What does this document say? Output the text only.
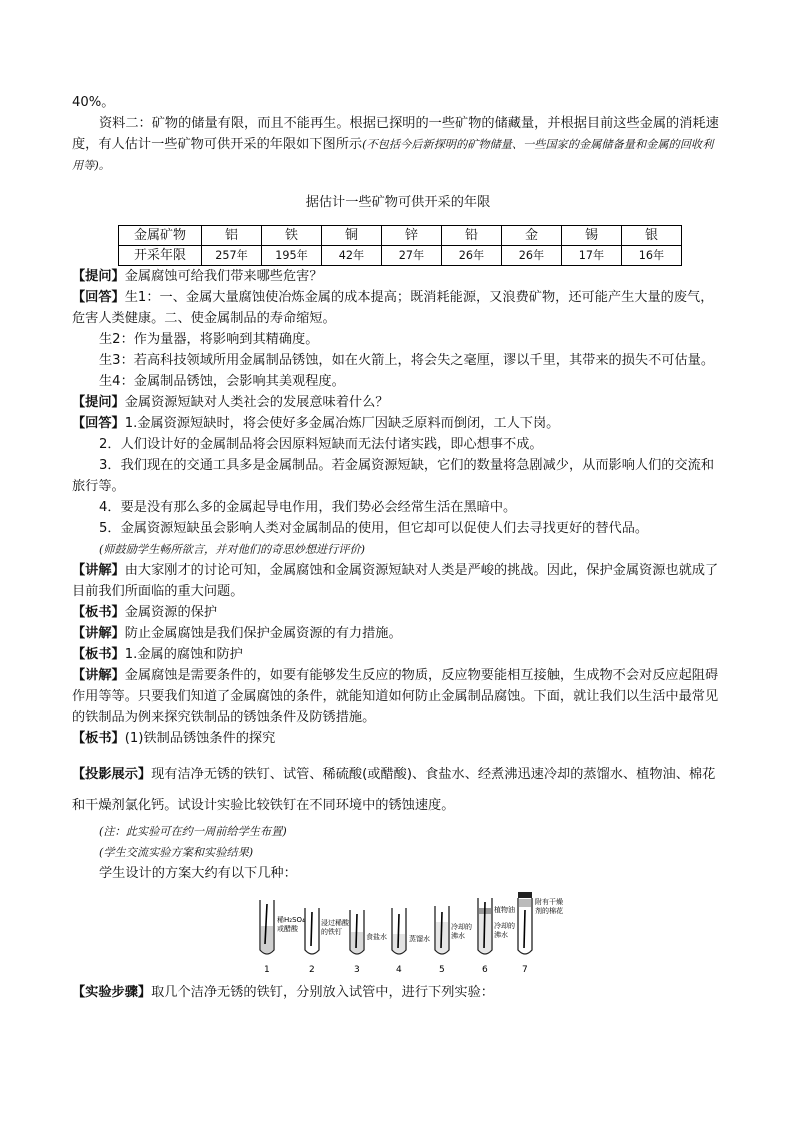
40%。

资料二：矿物的储量有限，而且不能再生。根据已探明的一些矿物的储藏量，并根据目前这些金属的消耗速度，有人估计一些矿物可供开采的年限如下图所示(不包括今后新探明的矿物储量、一些国家的金属储备量和金属的回收利用等)。

据估计一些矿物可供开采的年限

金属矿物	铝	铁	铜	锌	铅	金	锡	银
开采年限	257年	195年	42年	27年	26年	26年	17年	16年

【提问】金属腐蚀可给我们带来哪些危害？

【回答】生1：一、金属大量腐蚀使冶炼金属的成本提高；既消耗能源，又浪费矿物，还可能产生大量的废气，危害人类健康。二、使金属制品的寿命缩短。

生2：作为量器，将影响到其精确度。

生3：若高科技领域所用金属制品锈蚀，如在火箭上，将会失之毫厘，谬以千里，其带来的损失不可估量。

生4：金属制品锈蚀，会影响其美观程度。

【提问】金属资源短缺对人类社会的发展意味着什么？

【回答】1.金属资源短缺时，将会使好多金属冶炼厂因缺乏原料而倒闭，工人下岗。

2．人们设计好的金属制品将会因原料短缺而无法付诸实践，即心想事不成。

3．我们现在的交通工具多是金属制品。若金属资源短缺，它们的数量将急剧减少，从而影响人们的交流和旅行等。

4．要是没有那么多的金属起导电作用，我们势必会经常生活在黑暗中。

5．金属资源短缺虽会影响人类对金属制品的使用，但它却可以促使人们去寻找更好的替代品。

(师鼓励学生畅所欲言，并对他们的奇思妙想进行评价)

【讲解】由大家刚才的讨论可知，金属腐蚀和金属资源短缺对人类是严峻的挑战。因此，保护金属资源也就成了目前我们所面临的重大问题。

【板书】金属资源的保护

【讲解】防止金属腐蚀是我们保护金属资源的有力措施。

【板书】1.金属的腐蚀和防护

【讲解】金属腐蚀是需要条件的，如要有能够发生反应的物质，反应物要能相互接触，生成物不会对反应起阻碍作用等等。只要我们知道了金属腐蚀的条件，就能知道如何防止金属制品腐蚀。下面，就让我们以生活中最常见的铁制品为例来探究铁制品的锈蚀条件及防锈措施。

【板书】(1)铁制品锈蚀条件的探究

【投影展示】现有洁净无锈的铁钉、试管、稀硫酸(或醋酸)、食盐水、经煮沸迅速冷却的蒸馏水、植物油、棉花和干燥剂氯化钙。试设计实验比较铁钉在不同环境中的锈蚀速度。

(注：此实验可在约一周前给学生布置)

(学生交流实验方案和实验结果)

学生设计的方案大约有以下几种：

稀H₂SO₄
或醋酸
浸过稀酸
的铁钉
食盐水	蒸馏水
冷却的
沸水
植物油
冷却的
沸水
附有干燥
剂的棉花
1	2	3	4	5	6	7

【实验步骤】取几个洁净无锈的铁钉，分别放入试管中，进行下列实验：
